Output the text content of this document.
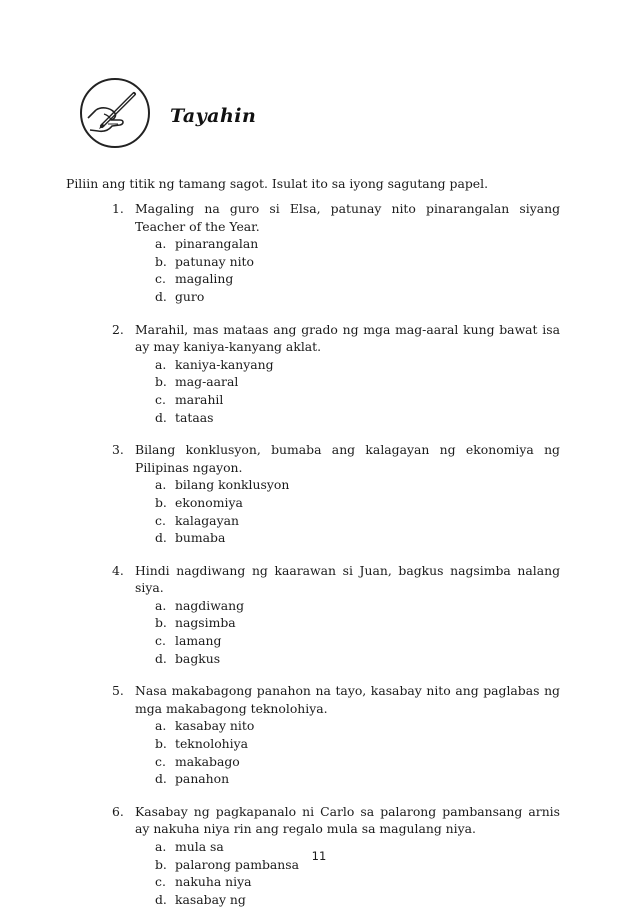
Tayahin
Piliin ang titik ng tamang sagot. Isulat ito sa iyong sagutang papel.
1. Magaling na guro si Elsa, patunay nito pinarangalan siyang Teacher of the Year.
a. pinarangalan
b. patunay nito
c. magaling
d. guro
2. Marahil, mas mataas ang grado ng mga mag-aaral kung bawat isa ay may kaniya-kanyang aklat.
a. kaniya-kanyang
b. mag-aaral
c. marahil
d. tataas
3. Bilang konklusyon, bumaba ang kalagayan ng ekonomiya ng Pilipinas ngayon.
a. bilang konklusyon
b. ekonomiya
c. kalagayan
d. bumaba
4. Hindi nagdiwang ng kaarawan si Juan, bagkus nagsimba nalang siya.
a. nagdiwang
b. nagsimba
c. lamang
d. bagkus
5. Nasa makabagong panahon na tayo, kasabay nito ang paglabas ng mga makabagong teknolohiya.
a. kasabay nito
b. teknolohiya
c. makabago
d. panahon
6. Kasabay ng pagkapanalo ni Carlo sa palarong pambansang arnis ay nakuha niya rin ang regalo mula sa magulang niya.
a. mula sa
b. palarong pambansa
c. nakuha niya
d. kasabay ng
11
